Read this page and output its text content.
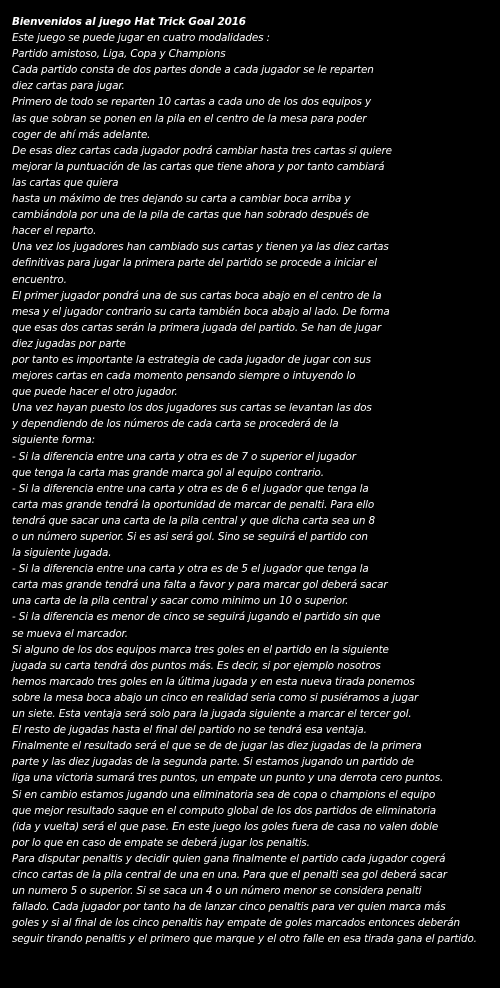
Bienvenidos al juego Hat Trick Goal 2016

Este juego se puede jugar en cuatro modalidades :

Partido amistoso, Liga, Copa y Champions

Cada partido consta de dos partes donde a cada jugador se le reparten

diez cartas para jugar.

Primero de todo se reparten 10 cartas a cada uno de los dos equipos y

las que sobran se ponen en la pila en el centro de la mesa para poder

coger de ahí más adelante.

De esas diez cartas cada jugador podrá cambiar hasta tres cartas si quiere

mejorar la puntuación de las cartas que tiene ahora y por tanto cambiará

las cartas que quiera

hasta un máximo de tres dejando su carta a cambiar boca arriba y

cambiándola por una de la pila de cartas que han sobrado después de

hacer el reparto.

Una vez los jugadores han cambiado sus cartas y tienen ya las diez cartas

definitivas para jugar la primera parte del partido se procede a iniciar el

encuentro.

El primer jugador pondrá una de sus cartas boca abajo en el centro de la

mesa y el jugador contrario su carta también boca abajo al lado. De forma

que esas dos cartas serán la primera jugada del partido. Se han de jugar

diez jugadas por parte

por tanto es importante la estrategia de cada jugador de jugar con sus

mejores cartas en cada momento pensando siempre o intuyendo lo

que puede hacer el otro jugador.

Una vez hayan puesto los dos jugadores sus cartas se levantan las dos

y dependiendo de los números de cada carta se procederá de la

siguiente forma:

- Si la diferencia entre una carta y otra es de 7 o superior el jugador

que tenga la carta mas grande marca gol al equipo contrario.

- Si la diferencia entre una carta y otra es de 6 el jugador que tenga la

carta mas grande tendrá la oportunidad de marcar de penalti. Para ello

tendrá que sacar una carta de la pila central y que dicha carta sea un 8

o un número superior. Si es asi será gol. Sino se seguirá el partido con

la siguiente jugada.

- Si la diferencia entre una carta y otra es de 5 el jugador que tenga la

carta mas grande tendrá una falta a favor y para marcar gol deberá sacar

una carta de la pila central y sacar como minimo un 10 o superior.

- Si la diferencia es menor de cinco se seguirá jugando el partido sin que

se mueva el marcador.

Si alguno de los dos equipos marca tres goles en el partido en la siguiente

jugada su carta tendrá dos puntos más. Es decir, si por ejemplo nosotros

hemos marcado tres goles en la última jugada y en esta nueva tirada ponemos

sobre la mesa boca abajo un cinco en realidad seria como si pusiéramos a jugar

un siete. Esta ventaja será solo para la jugada siguiente a marcar el tercer gol.

El resto de jugadas hasta el final del partido no se tendrá esa ventaja.

Finalmente el resultado será el que se de de jugar las diez jugadas de la primera

parte y las diez jugadas de la segunda parte. Si estamos jugando un partido de

liga una victoria sumará tres puntos, un empate un punto y una derrota cero puntos.

Si en cambio estamos jugando una eliminatoria sea de copa o champions el equipo

que mejor resultado saque en el computo global de los dos partidos de eliminatoria

(ida y vuelta) será el que pase. En este juego los goles fuera de casa no valen doble

por lo que en caso de empate se deberá jugar los penaltis.

Para disputar penaltis y decidir quien gana finalmente el partido cada jugador cogerá

cinco cartas de la pila central de una en una. Para que el penalti sea gol deberá sacar

un numero 5 o superior. Si se saca un 4 o un número menor se considera penalti

fallado. Cada jugador por tanto ha de lanzar cinco penaltis para ver quien marca más

goles y si al final de los cinco penaltis hay empate de goles marcados entonces deberán

seguir tirando penaltis y el primero que marque y el otro falle en esa tirada gana el partido.
